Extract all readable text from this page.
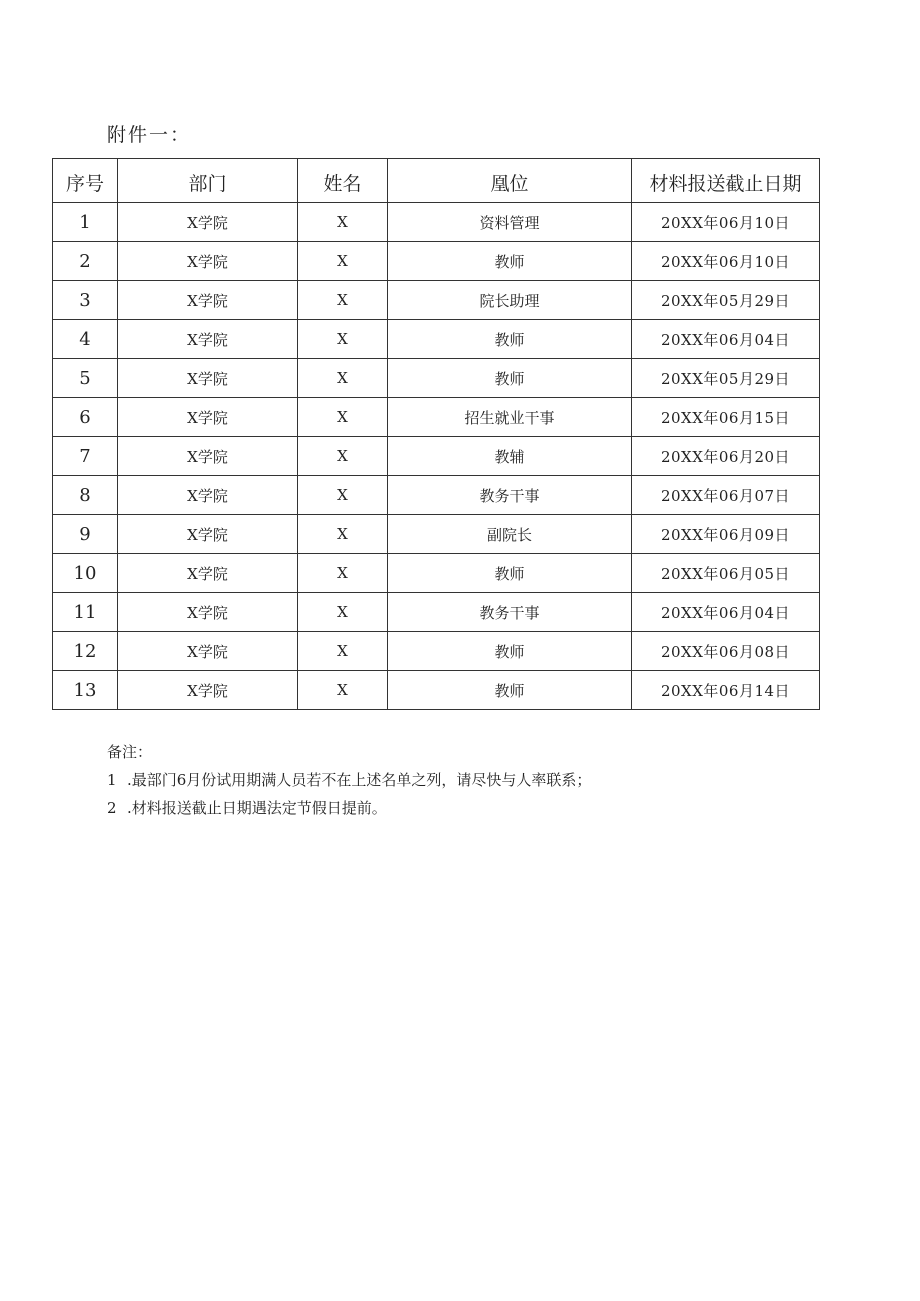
附件一：
序号	部门	姓名	凰位	材料报送截止日期
1	X学院	X	资料管理	20XX年06月10日
2	X学院	X	教师	20XX年06月10日
3	X学院	X	院长助理	20XX年05月29日
4	X学院	X	教师	20XX年06月04日
5	X学院	X	教师	20XX年05月29日
6	X学院	X	招生就业干事	20XX年06月15日
7	X学院	X	教辅	20XX年06月20日
8	X学院	X	教务干事	20XX年06月07日
9	X学院	X	副院长	20XX年06月09日
10	X学院	X	教师	20XX年06月05日
11	X学院	X	教务干事	20XX年06月04日
12	X学院	X	教师	20XX年06月08日
13	X学院	X	教师	20XX年06月14日
备注：
1 .最部门6月份试用期满人员若不在上述名单之列，请尽快与人率联系；
2 .材料报送截止日期遇法定节假日提前。
